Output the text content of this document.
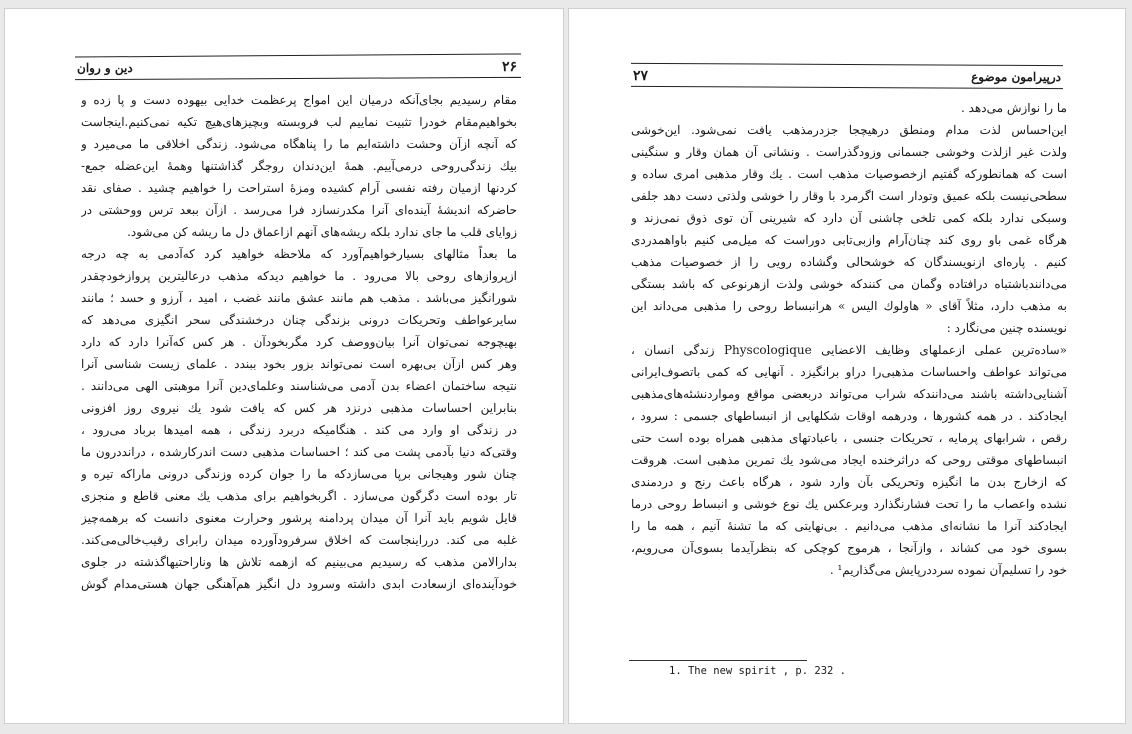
دین و روان	۲۶
مقام رسیدیم بجای‌آنکه درمیان این امواج پرعظمت خدایی بیهوده دست و پا زده و
بخواهیم‌مقام خودرا تثبیت نماییم لب فروبسته وبچیزهای‌هیچ تکیه نمی‌کنیم.اینجاست
که آنچه ازآن وحشت داشته‌ایم ما را پناهگاه می‌شود. زندگی اخلاقی ما می‌میرد و
بیك زندگی‌روحی درمی‌آییم. همهٔ این‌دندان روجگر گذاشتنها وهمهٔ این‌عضله جمع-
کردنها ازمیان رفته نفسی آرام کشیده ومزهٔ استراحت را خواهیم چشید . صفای نقد
حاضرکه اندیشهٔ آینده‌ای آنرا مکدرنسازد فرا می‌رسد . ازآن ببعد ترس ووحشتی در
زوایای قلب ما جای ندارد بلکه ریشه‌های آنهم ازاعماق دل ما ریشه کن می‌شود.
ما بعداً مثالهای بسیارخواهیم‌آورد که ملاحظه خواهید کرد که‌آدمی به چه درجه
ازپروازهای روحی بالا می‌رود . ما خواهیم دیدکه مذهب درعالیترین پروازخودچقدر
شورانگیز می‌باشد . مذهب هم مانند عشق مانند غضب ، امید ، آرزو و حسد ؛ مانند
سایرعواطف وتحریکات درونی بزندگی چنان درخشندگی سحر انگیزی می‌دهد که
بهیچوجه نمی‌توان آنرا بیان‌ووصف کرد مگربخودآن . هر کس که‌آنرا دارد که دارد
وهر کس ازآن بی‌بهره است نمی‌تواند بزور بخود ببندد . علمای زیست شناسی آنرا
نتیجه ساختمان اعضاء بدن آدمی می‌شناسند وعلمای‌دین آنرا موهبتی الهی می‌دانند .
بنابراین احساسات مذهبی درنزد هر کس که یافت شود یك نیروی روز افزونی
در زندگی او وارد می کند . هنگامیکه دربرد زندگی ، همه امیدها برباد می‌رود ،
وقتی‌که دنیا بآدمی پشت می کند ؛ احساسات مذهبی دست اندرکارشده ، درانددرون ما
چنان شور وهیجانی برپا می‌سازدکه ما را جوان کرده وزندگی درونی ماراکه تیره و
تار بوده است دگرگون می‌سازد . اگربخواهیم برای مذهب یك معنی قاطع و منجزی
قایل شویم باید آنرا آن میدان پردامنه پرشور وحرارت معنوی دانست که برهمه‌چیز
غلبه می کند. درراینجاست که اخلاق سرفرودآورده میدان رابرای رقیب‌خالی‌می‌کند.
بدارالامن مذهب که رسیدیم می‌بینیم که ازهمه تلاش ها وناراحتیها‌گذشته در جلوی
خودآینده‌ای ازسعادت ابدی داشته وسرود دل انگیز هم‌آهنگی جهان هستی‌مدام گوش
۲۷	درپیرامون موضوع
ما را نوازش می‌دهد .
این‌احساس لذت مدام ومنطق درهیچجا جزدرمذهب یافت نمی‌شود. این‌خوشی
ولذت غیر ازلذت وخوشی جسمانی وزودگذراست . ونشانی آن همان وقار و سنگینی
است که همانطورکه گفتیم ازخصوصیات مذهب است . یك وقار مذهبی امری ساده و
سطحی‌نیست بلکه عمیق وتودار است اگرمرد با وقار را خوشی ولذتی دست دهد جلفی
وسبکی ندارد بلکه کمی تلخی چاشنی آن دارد که شیرینی آن توی ذوق نمی‌زند و
هرگاه غمی باو روی کند چنان‌آرام وازبی‌تابی دوراست که میل‌می کنیم باواهمدردی
کنیم . پاره‌ای ازنویسندگان که خوشحالی وگشاده رویی را از خصوصیات مذهب
می‌دانندباشتباه درافتاده وگمان می کنندکه خوشی ولذت ازهرنوعی که باشد بستگی
به مذهب دارد، مثلاً آقای « هاولوك الیس » هرانبساط روحی را مذهبی می‌داند این
نویسنده چنین می‌نگارد :
«ساده‌ترین عملی ازعملهای وظایف الاعضایی Physcologique زندگی انسان ،
می‌تواند عواطف واحساسات مذهبی‌را دراو برانگیزد . آنهایی که کمی باتصوف‌ایرانی
آشنایی‌داشته باشند می‌دانندکه شراب می‌تواند دربعضی مواقع ومواردنشئه‌های‌مذهبی
ایجادکند . در همه کشورها ، ودرهمه اوقات شکلهایی از انبساطهای جسمی : سرود ،
رقص ، شرابهای پرمایه ، تحریکات جنسی ، باعبادتهای مذهبی همراه بوده است حتی
انبساطهای موقتی روحی که درا‌ثرخنده ایجاد می‌شود یك تمرین مذهبی است. هروقت
که ازخارج بدن ما انگیزه وتحریکی بآن وارد شود ، هرگاه باعث رنج و دردمندی
نشده واعصاب ما را تحت فشارنگذارد وبرعکس یك نوع خوشی و انبساط روحی درما
ایجادکند آنرا ما نشانه‌ای مذهب می‌دانیم . بی‌نهایتی که ما تشنهٔ آنیم ، همه ما را
بسوی خود می کشاند ، وازآنجا ، هرموج کوچکی که بنظرآیدما بسوی‌آن می‌رویم،
خود را تسلیم‌آن نموده سرددرپایش می‌گذاریم¹ .
1. The new spirit , p. 232 .
